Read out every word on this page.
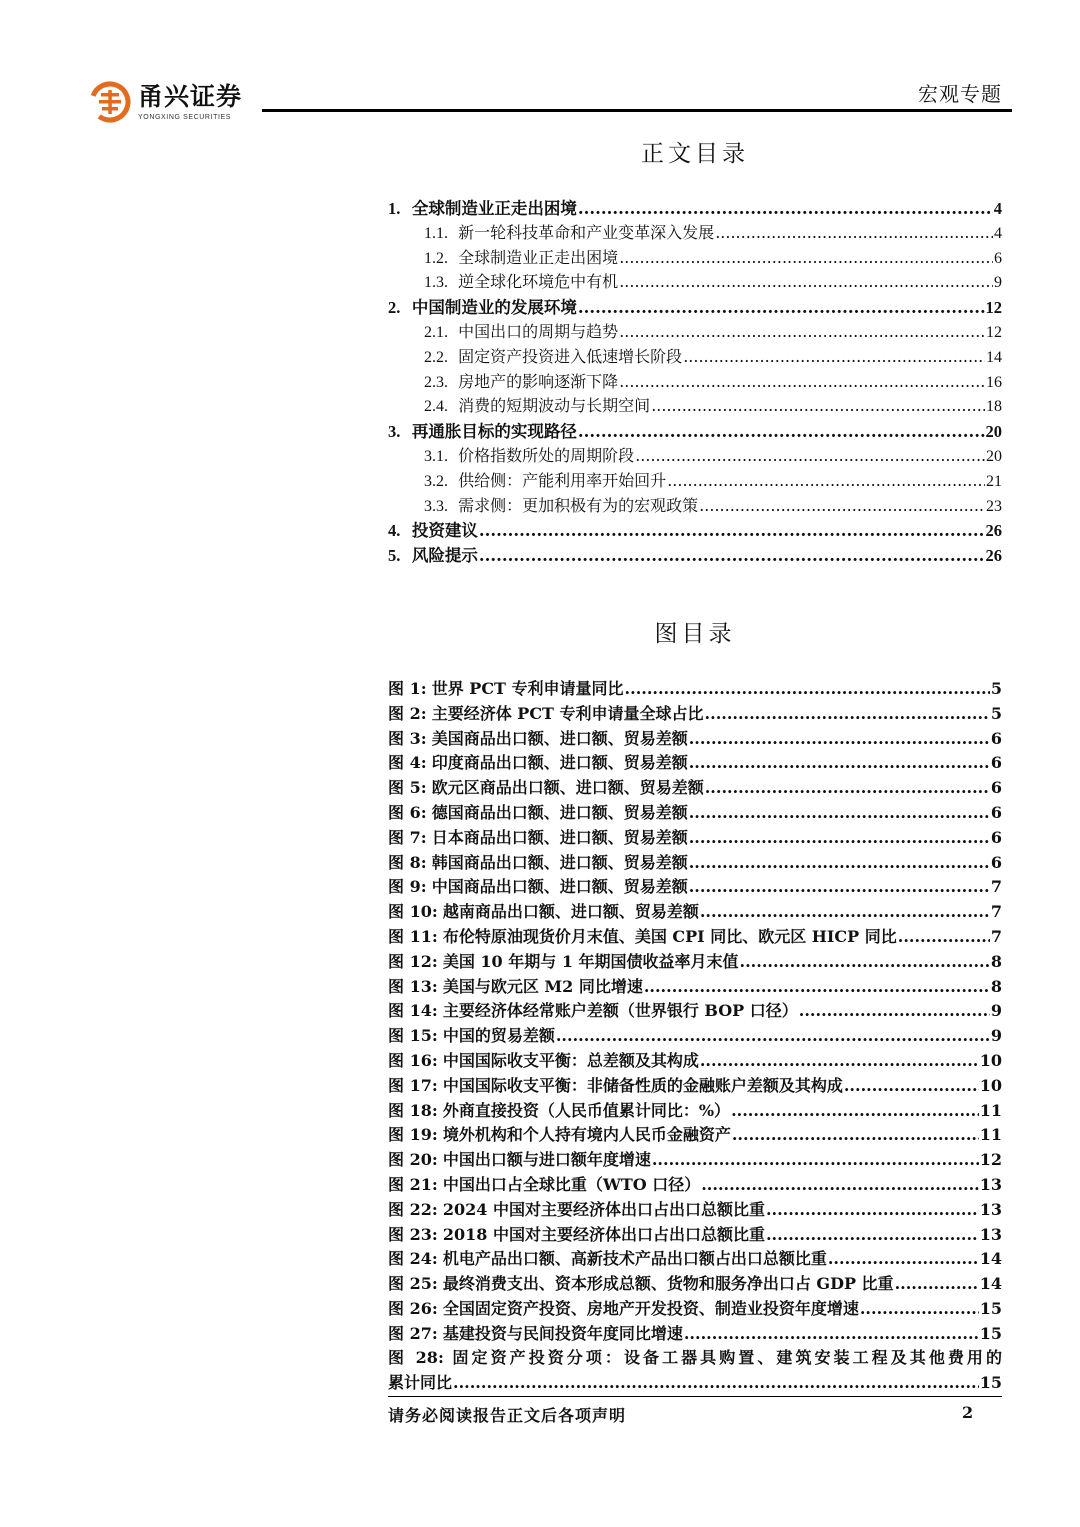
甬兴证券
YONGXING SECURITIES
宏观专题
正文目录
1. 全球制造业正走出困境 .....	4
1.1. 新一轮科技革命和产业变革深入发展 .....	4
1.2. 全球制造业正走出困境 .....	6
1.3. 逆全球化环境危中有机 .....	9
2. 中国制造业的发展环境 .....	12
2.1. 中国出口的周期与趋势 .....	12
2.2. 固定资产投资进入低速增长阶段 .....	14
2.3. 房地产的影响逐渐下降 .....	16
2.4. 消费的短期波动与长期空间 .....	18
3. 再通胀目标的实现路径 .....	20
3.1. 价格指数所处的周期阶段 .....	20
3.2. 供给侧：产能利用率开始回升 .....	21
3.3. 需求侧：更加积极有为的宏观政策 .....	23
4. 投资建议 .....	26
5. 风险提示 .....	26
图目录
图 1: 世界 PCT 专利申请量同比 .....	5
图 2: 主要经济体 PCT 专利申请量全球占比 .....	5
图 3: 美国商品出口额、进口额、贸易差额 .....	6
图 4: 印度商品出口额、进口额、贸易差额 .....	6
图 5: 欧元区商品出口额、进口额、贸易差额 .....	6
图 6: 德国商品出口额、进口额、贸易差额 .....	6
图 7: 日本商品出口额、进口额、贸易差额 .....	6
图 8: 韩国商品出口额、进口额、贸易差额 .....	6
图 9: 中国商品出口额、进口额、贸易差额 .....	7
图 10: 越南商品出口额、进口额、贸易差额 .....	7
图 11: 布伦特原油现货价月末值、美国 CPI 同比、欧元区 HICP 同比 .....	7
图 12: 美国 10 年期与 1 年期国债收益率月末值 .....	8
图 13: 美国与欧元区 M2 同比增速 .....	8
图 14: 主要经济体经常账户差额（世界银行 BOP 口径） .....	9
图 15: 中国的贸易差额 .....	9
图 16: 中国国际收支平衡：总差额及其构成 .....	10
图 17: 中国国际收支平衡：非储备性质的金融账户差额及其构成 .....	10
图 18: 外商直接投资（人民币值累计同比：%） .....	11
图 19: 境外机构和个人持有境内人民币金融资产 .....	11
图 20: 中国出口额与进口额年度增速 .....	12
图 21: 中国出口占全球比重（WTO 口径） .....	13
图 22: 2024 中国对主要经济体出口占出口总额比重 .....	13
图 23: 2018 中国对主要经济体出口占出口总额比重 .....	13
图 24: 机电产品出口额、高新技术产品出口额占出口总额比重 .....	14
图 25: 最终消费支出、资本形成总额、货物和服务净出口占 GDP 比重 .....	14
图 26: 全国固定资产投资、房地产开发投资、制造业投资年度增速 .....	15
图 27: 基建投资与民间投资年度同比增速 .....	15
图 28: 固定资产投资分项：设备工器具购置、建筑安装工程及其他费用的
累计同比 .....	15
请务必阅读报告正文后各项声明	2
